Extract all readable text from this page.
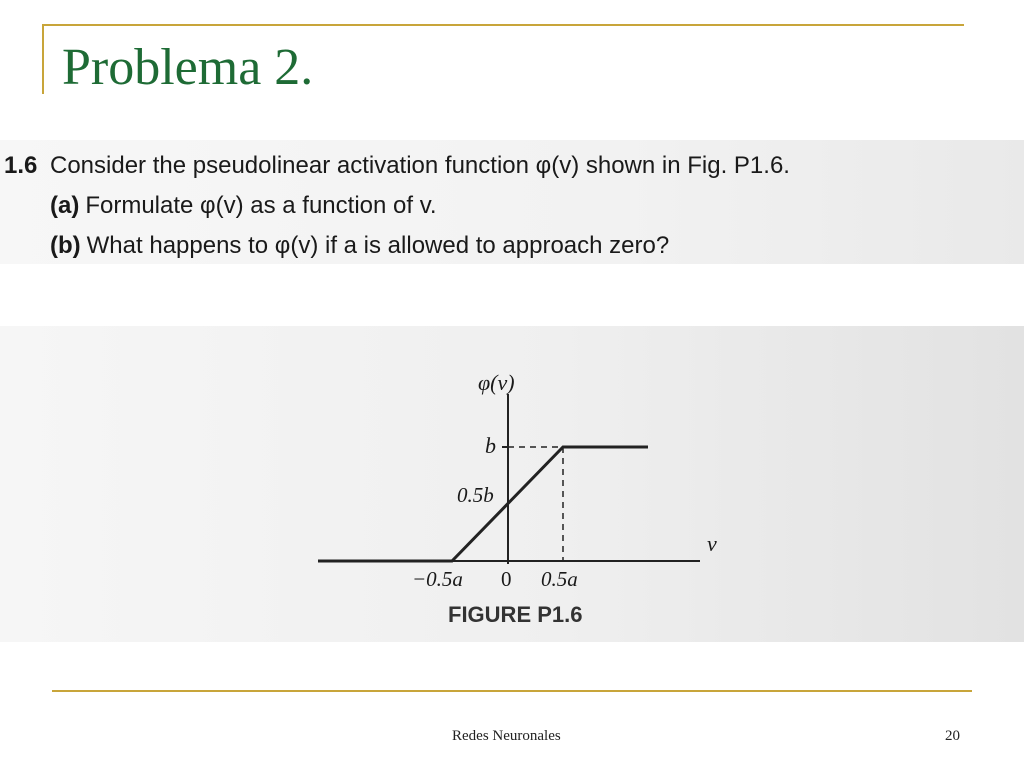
Problema 2.
1.6 Consider the pseudolinear activation function φ(v) shown in Fig. P1.6.
(a) Formulate φ(v) as a function of v.
(b) What happens to φ(v) if a is allowed to approach zero?
φ(v)
v
b
0.5b
−0.5a 0 0.5a
FIGURE P1.6
Redes Neuronales	20
